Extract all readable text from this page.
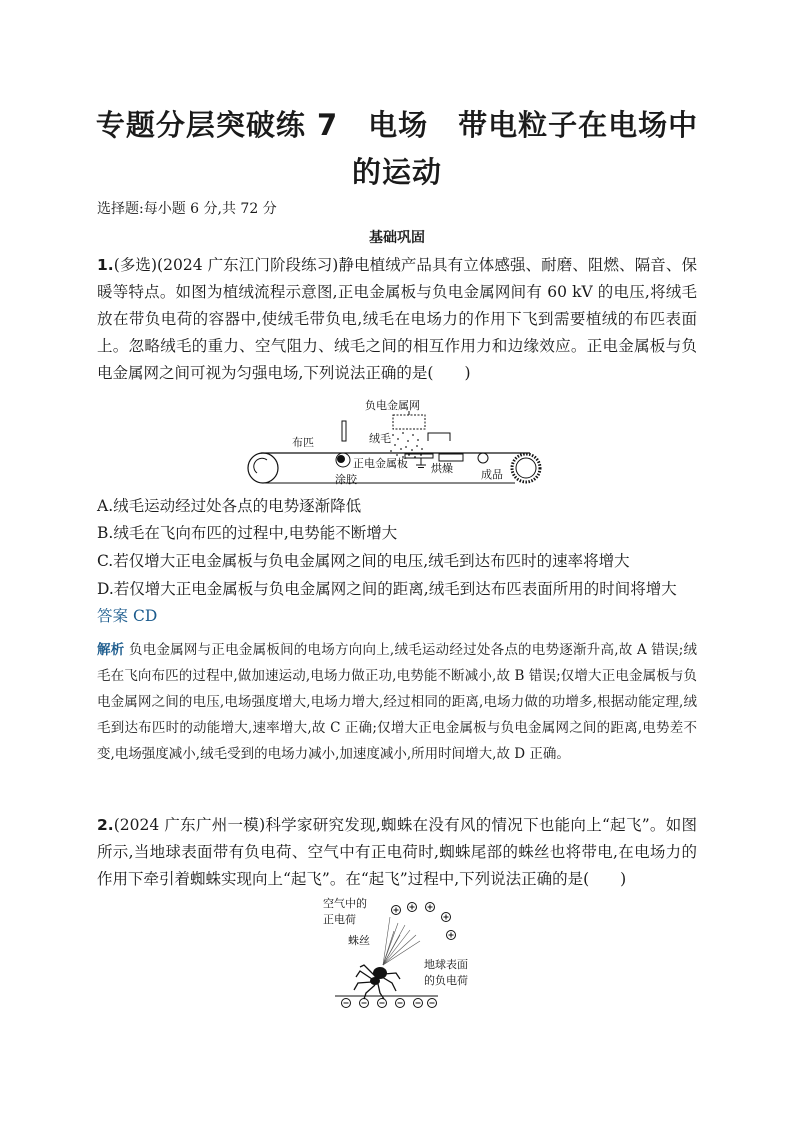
专题分层突破练 7　电场　带电粒子在电场中
的运动
选择题:每小题 6 分,共 72 分
基础巩固
1.(多选)(2024 广东江门阶段练习)静电植绒产品具有立体感强、耐磨、阻燃、隔音、保暖等特点。如图为植绒流程示意图,正电金属板与负电金属网间有 60 kV 的电压,将绒毛放在带负电荷的容器中,使绒毛带负电,绒毛在电场力的作用下飞到需要植绒的布匹表面上。忽略绒毛的重力、空气阻力、绒毛之间的相互作用力和边缘效应。正电金属板与负电金属网之间可视为匀强电场,下列说法正确的是(　　)
负电金属网
绒毛
布匹
涂胶
正电金属板 烘燥	成品
A.绒毛运动经过处各点的电势逐渐降低
B.绒毛在飞向布匹的过程中,电势能不断增大
C.若仅增大正电金属板与负电金属网之间的电压,绒毛到达布匹时的速率将增大
D.若仅增大正电金属板与负电金属网之间的距离,绒毛到达布匹表面所用的时间将增大
答案 CD
解析 负电金属网与正电金属板间的电场方向向上,绒毛运动经过处各点的电势逐渐升高,故 A 错误;绒毛在飞向布匹的过程中,做加速运动,电场力做正功,电势能不断减小,故 B 错误;仅增大正电金属板与负电金属网之间的电压,电场强度增大,电场力增大,经过相同的距离,电场力做的功增多,根据动能定理,绒毛到达布匹时的动能增大,速率增大,故 C 正确;仅增大正电金属板与负电金属网之间的距离,电势差不变,电场强度减小,绒毛受到的电场力减小,加速度减小,所用时间增大,故 D 正确。
2.(2024 广东广州一模)科学家研究发现,蜘蛛在没有风的情况下也能向上“起飞”。如图所示,当地球表面带有负电荷、空气中有正电荷时,蜘蛛尾部的蛛丝也将带电,在电场力的作用下牵引着蜘蛛实现向上“起飞”。在“起飞”过程中,下列说法正确的是(　　)
空气中的
正电荷
蛛丝
地球表面
的负电荷
